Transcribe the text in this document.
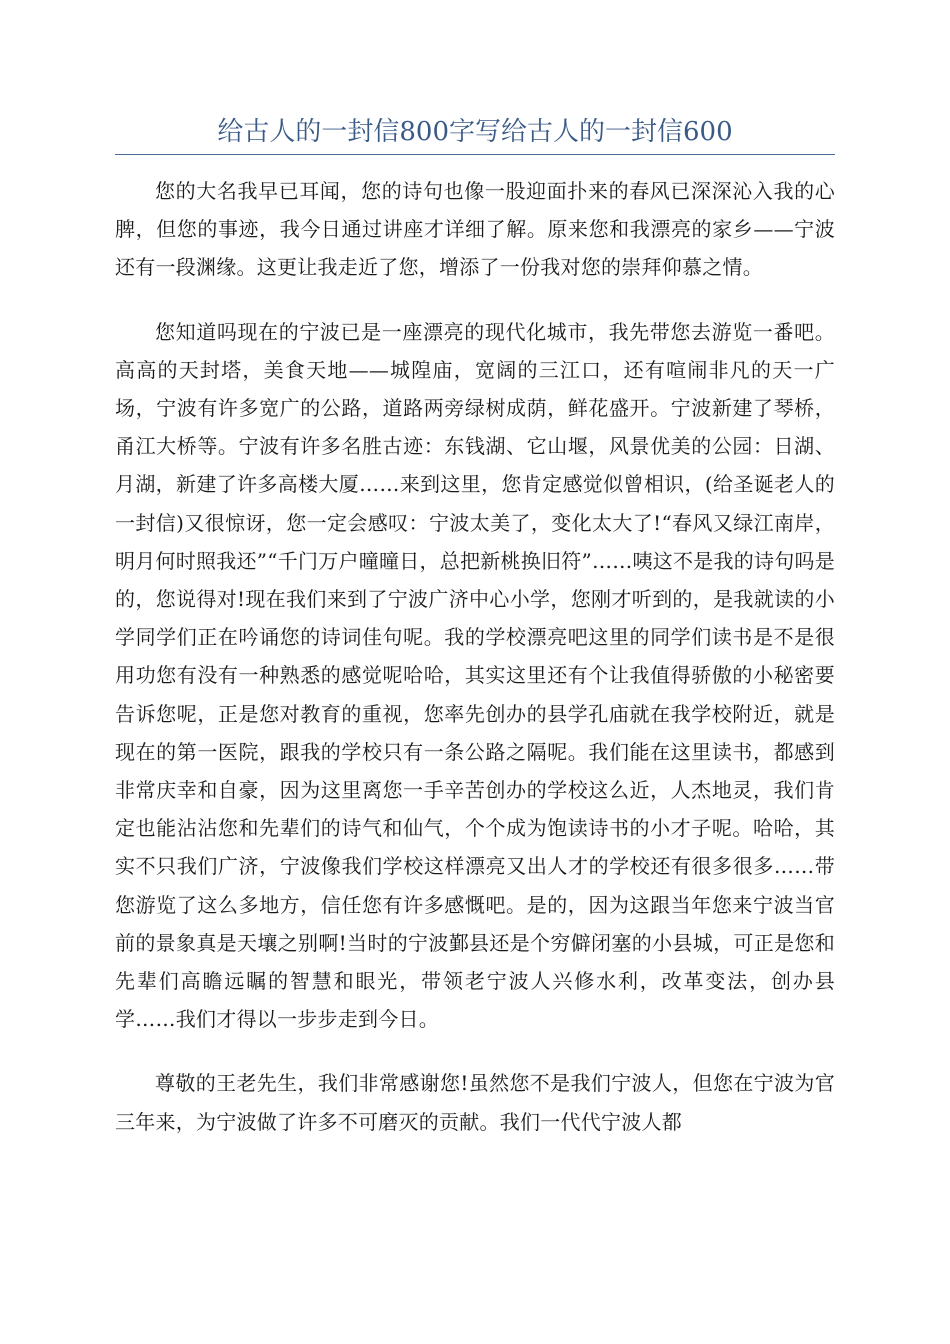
给古人的一封信800字写给古人的一封信600

您的大名我早已耳闻，您的诗句也像一股迎面扑来的春风已深深沁入我的心脾，但您的事迹，我今日通过讲座才详细了解。原来您和我漂亮的家乡——宁波还有一段渊缘。这更让我走近了您，增添了一份我对您的崇拜仰慕之情。

您知道吗现在的宁波已是一座漂亮的现代化城市，我先带您去游览一番吧。高高的天封塔，美食天地——城隍庙，宽阔的三江口，还有喧闹非凡的天一广场，宁波有许多宽广的公路，道路两旁绿树成荫，鲜花盛开。宁波新建了琴桥，甬江大桥等。宁波有许多名胜古迹：东钱湖、它山堰，风景优美的公园：日湖、月湖，新建了许多高楼大厦……来到这里，您肯定感觉似曾相识，(给圣诞老人的一封信)又很惊讶，您一定会感叹：宁波太美了，变化太大了!“春风又绿江南岸，明月何时照我还”“千门万户曈曈日，总把新桃换旧符”……咦这不是我的诗句吗是的，您说得对!现在我们来到了宁波广济中心小学，您刚才听到的，是我就读的小学同学们正在吟诵您的诗词佳句呢。我的学校漂亮吧这里的同学们读书是不是很用功您有没有一种熟悉的感觉呢哈哈，其实这里还有个让我值得骄傲的小秘密要告诉您呢，正是您对教育的重视，您率先创办的县学孔庙就在我学校附近，就是现在的第一医院，跟我的学校只有一条公路之隔呢。我们能在这里读书，都感到非常庆幸和自豪，因为这里离您一手辛苦创办的学校这么近，人杰地灵，我们肯定也能沾沾您和先辈们的诗气和仙气，个个成为饱读诗书的小才子呢。哈哈，其实不只我们广济，宁波像我们学校这样漂亮又出人才的学校还有很多很多……带您游览了这么多地方，信任您有许多感慨吧。是的，因为这跟当年您来宁波当官前的景象真是天壤之别啊!当时的宁波鄞县还是个穷僻闭塞的小县城，可正是您和先辈们高瞻远瞩的智慧和眼光，带领老宁波人兴修水利，改革变法，创办县学……我们才得以一步步走到今日。

尊敬的王老先生，我们非常感谢您!虽然您不是我们宁波人，但您在宁波为官三年来，为宁波做了许多不可磨灭的贡献。我们一代代宁波人都
